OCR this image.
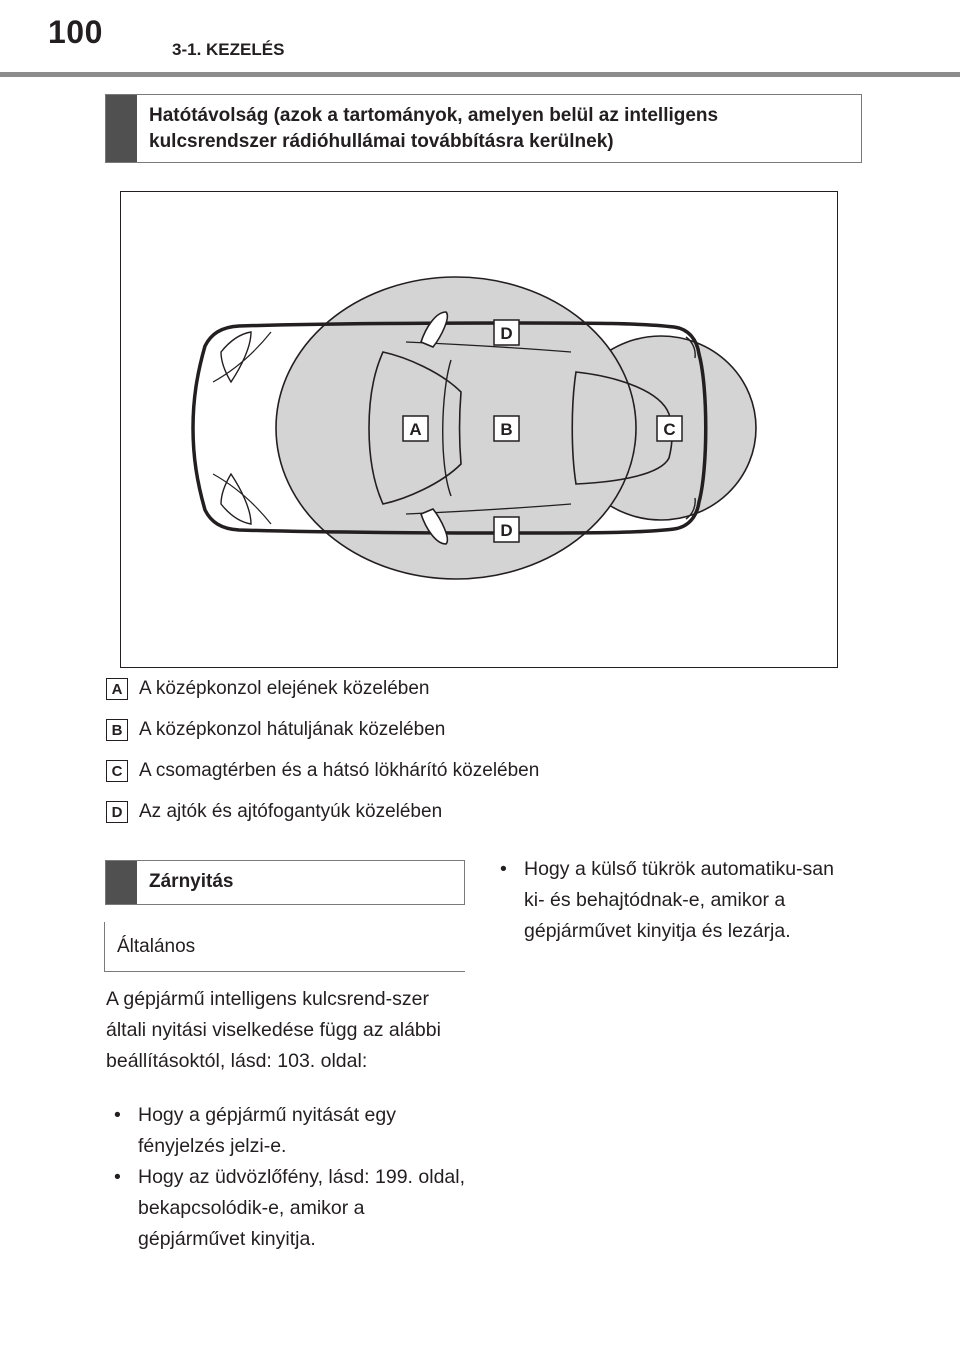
100	3-1. KEZELÉS
Hatótávolság (azok a tartományok, amelyen belül az intelligens kulcsrendszer rádióhullámai továbbításra kerülnek)
D
A	B	C
D
A A középkonzol elejének közelében
B A középkonzol hátuljának közelében
C A csomagtérben és a hátsó lökhárító közelében
D Az ajtók és ajtófogantyúk közelében
Zárnyitás
Általános
A gépjármű intelligens kulcsrend-szer általi nyitási viselkedése függ az alábbi beállításoktól, lásd: 103. oldal:
• Hogy a gépjármű nyitását egy fényjelzés jelzi-e.
• Hogy az üdvözlőfény, lásd: 199. oldal, bekapcsolódik-e, amikor a gépjárművet kinyitja.
• Hogy a külső tükrök automatiku-san ki- és behajtódnak-e, amikor a gépjárművet kinyitja és lezárja.
